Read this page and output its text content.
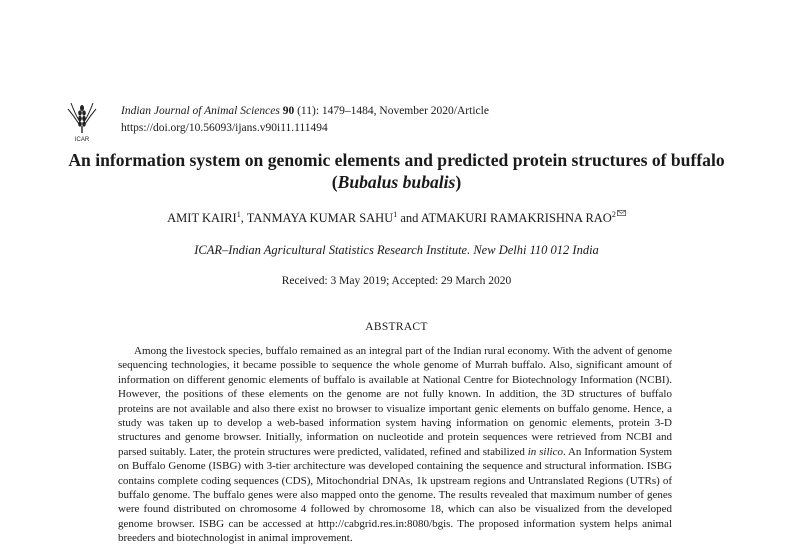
ICAR
Indian Journal of Animal Sciences 90 (11): 1479–1484, November 2020/Article
https://doi.org/10.56093/ijans.v90i11.111494
An information system on genomic elements and predicted protein structures of buffalo (Bubalus bubalis)
AMIT KAIRI$^1$, TANMAYA KUMAR SAHU$^1$ and ATMAKURI RAMAKRISHNA RAO$^2$
ICAR–Indian Agricultural Statistics Research Institute. New Delhi 110 012 India
Received: 3 May 2019; Accepted: 29 March 2020
ABSTRACT

Among the livestock species, buffalo remained as an integral part of the Indian rural economy. With the advent of genome sequencing technologies, it became possible to sequence the whole genome of Murrah buffalo. Also, significant amount of information on different genomic elements of buffalo is available at National Centre for Biotechnology Information (NCBI). However, the positions of these elements on the genome are not fully known. In addition, the 3D structures of buffalo proteins are not available and also there exist no browser to visualize important genic elements on buffalo genome. Hence, a study was taken up to develop a web-based information system having information on genomic elements, protein 3-D structures and genome browser. Initially, information on nucleotide and protein sequences were retrieved from NCBI and parsed suitably. Later, the protein structures were predicted, validated, refined and stabilized in silico. An Information System on Buffalo Genome (ISBG) with 3-tier architecture was developed containing the sequence and structural information. ISBG contains complete coding sequences (CDS), Mitochondrial DNAs, 1k upstream regions and Untranslated Regions (UTRs) of buffalo genome. The buffalo genes were also mapped onto the genome. The results revealed that maximum number of genes were found distributed on chromosome 4 followed by chromosome 18, which can also be visualized from the developed genome browser. ISBG can be accessed at http://cabgrid.res.in:8080/bgis. The proposed information system helps animal breeders and biotechnologist in animal improvement.
